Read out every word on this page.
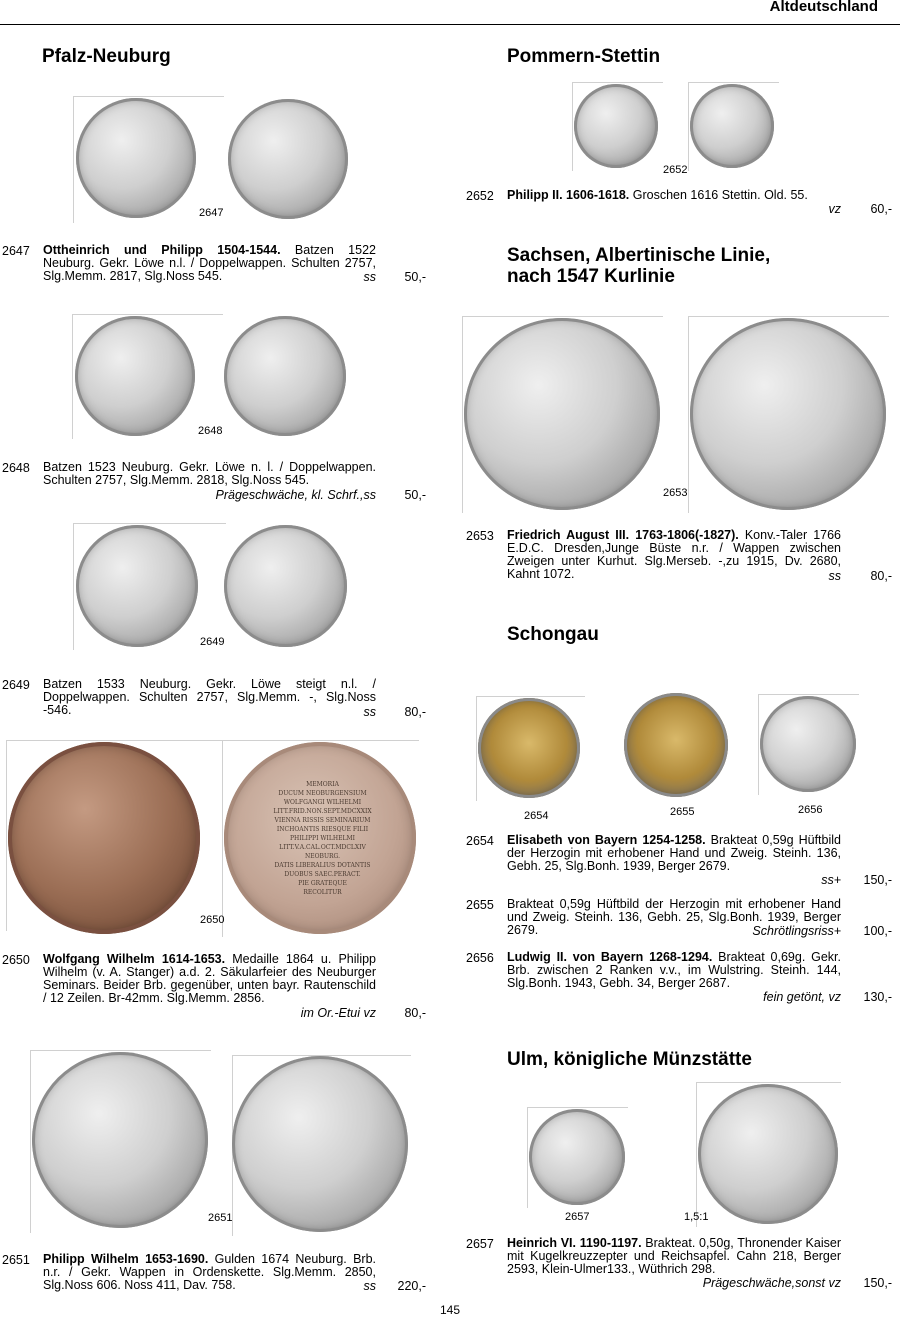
Altdeutschland
Pfalz-Neuburg
2647
2647 Ottheinrich und Philipp 1504-1544. Batzen 1522 Neuburg. Gekr. Löwe n.l. / Doppelwappen. Schulten 2757, Slg.Memm. 2817, Slg.Noss 545.	ss	50,-
2648
2648 Batzen 1523 Neuburg. Gekr. Löwe n. l. / Doppelwappen. Schulten 2757, Slg.Memm. 2818, Slg.Noss 545.
Prägeschwäche, kl. Schrf.,ss	50,-
2649
2649 Batzen 1533 Neuburg. Gekr. Löwe steigt n.l. / Doppelwappen. Schulten 2757, Slg.Memm. -, Slg.Noss -546.	ss	80,-
MEMORIA
DUCUM NEOBURGENSIUM
WOLFGANGI WILHELMI
LITT.FRID.NON.SEPT.MDCXXIX
VIENNA RISSIS SEMINARIUM
INCHOANTIS RIESQUE FILII
PHILIPPI WILHELMI
LITT.V.A.CAL.OCT.MDCLXIV NEOBURG.
DATIS LIBERALIUS DOTANTIS
DUOBUS SAEC.PERACT.
PIE GRATEQUE
RECOLITUR
2650
2650 Wolfgang Wilhelm 1614-1653. Medaille 1864 u. Philipp Wilhelm (v. A. Stanger) a.d. 2. Säkularfeier des Neuburger Seminars. Beider Brb. gegenüber, unten bayr. Rautenschild / 12 Zeilen. Br-42mm. Slg.Memm. 2856.
im Or.-Etui vz	80,-
2651
2651 Philipp Wilhelm 1653-1690. Gulden 1674 Neuburg. Brb. n.r. / Gekr. Wappen in Ordenskette. Slg.Memm. 2850, Slg.Noss 606. Noss 411, Dav. 758.	ss	220,-
Pommern-Stettin
2652
2652 Philipp II. 1606-1618. Groschen 1616 Stettin. Old. 55.
vz	60,-
Sachsen, Albertinische Linie,
nach 1547 Kurlinie
2653
2653 Friedrich August III. 1763-1806(-1827). Konv.-Taler 1766 E.D.C. Dresden,Junge Büste n.r. / Wappen zwischen Zweigen unter Kurhut. Slg.Merseb. -,zu 1915, Dv. 2680, Kahnt 1072.	ss	80,-
Schongau
2654	2655	2656
2654 Elisabeth von Bayern 1254-1258. Brakteat 0,59g Hüftbild der Herzogin mit erhobener Hand und Zweig. Steinh. 136, Gebh. 25, Slg.Bonh. 1939, Berger 2679.
ss+	150,-
2655 Brakteat 0,59g Hüftbild der Herzogin mit erhobener Hand und Zweig. Steinh. 136, Gebh. 25, Slg.Bonh. 1939, Berger 2679.	Schrötlingsriss+	100,-
2656 Ludwig II. von Bayern 1268-1294. Brakteat 0,69g. Gekr. Brb. zwischen 2 Ranken v.v., im Wulstring. Steinh. 144, Slg.Bonh. 1943, Gebh. 34, Berger 2687.
fein getönt, vz	130,-
Ulm, königliche Münzstätte
2657	1,5:1
2657 Heinrich VI. 1190-1197. Brakteat. 0,50g, Thronender Kaiser mit Kugelkreuzzepter und Reichsapfel. Cahn 218, Berger 2593, Klein-Ulmer133., Wüthrich 298.
Prägeschwäche,sonst vz	150,-
145
